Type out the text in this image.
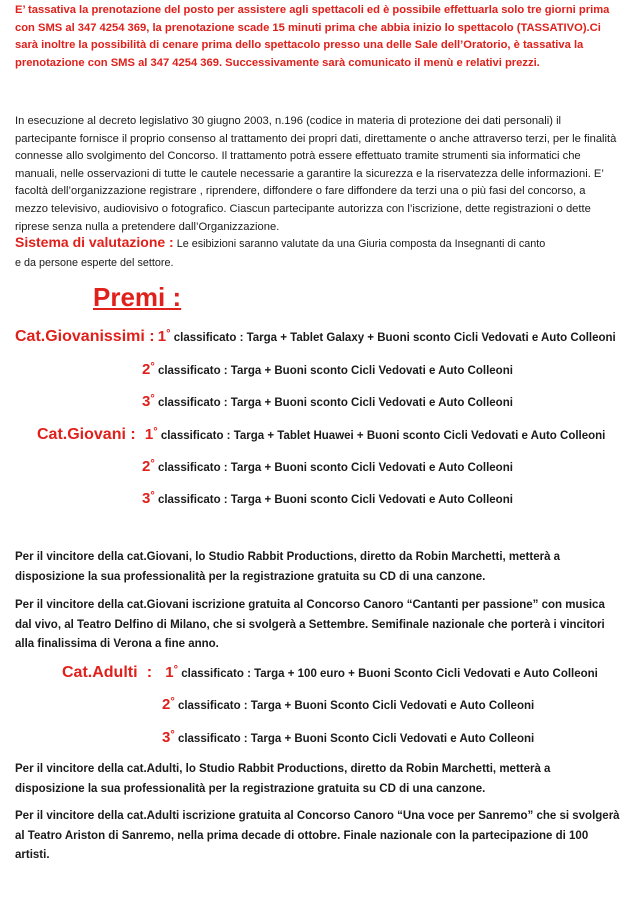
E’ tassativa la prenotazione del posto per assistere agli spettacoli ed è possibile effettuarla solo tre giorni prima con SMS al 347 4254 369, la prenotazione scade 15 minuti prima che abbia inizio lo spettacolo (TASSATIVO).Ci sarà inoltre la possibilità di cenare prima dello spettacolo presso una delle Sale dell’Oratorio, è tassativa la prenotazione con SMS al 347 4254 369. Successivamente sarà comunicato il menù e relativi prezzi.
In esecuzione al decreto legislativo 30 giugno 2003, n.196 (codice in materia di protezione dei dati personali) il partecipante fornisce il proprio consenso al trattamento dei propri dati, direttamente o anche attraverso terzi, per le finalità connesse allo svolgimento del Concorso. Il trattamento potrà essere effettuato tramite strumenti sia informatici che manuali, nelle osservazioni di tutte le cautele necessarie a garantire la sicurezza e la riservatezza delle informazioni. E’ facoltà dell’organizzazione registrare , riprendere, diffondere o fare diffondere da terzi una o più fasi del concorso, a mezzo televisivo, audiovisivo o fotografico. Ciascun partecipante autorizza con l’iscrizione, dette registrazioni o dette riprese senza nulla a pretendere dall’Organizzazione.
Sistema di valutazione : Le esibizioni saranno valutate da una Giuria composta da Insegnanti di canto
e da persone esperte del settore.
Premi :
Cat.Giovanissimi : 1° classificato : Targa + Tablet Galaxy + Buoni sconto Cicli Vedovati e Auto Colleoni
2° classificato : Targa + Buoni sconto Cicli Vedovati e Auto Colleoni
3° classificato : Targa + Buoni sconto Cicli Vedovati e Auto Colleoni
Cat.Giovani : 1° classificato : Targa + Tablet Huawei + Buoni sconto Cicli Vedovati e Auto Colleoni
2° classificato : Targa + Buoni sconto Cicli Vedovati e Auto Colleoni
3° classificato : Targa + Buoni sconto Cicli Vedovati e Auto Colleoni
Per il vincitore della cat.Giovani, lo Studio Rabbit Productions, diretto da Robin Marchetti, metterà a disposizione la sua professionalità per la registrazione gratuita su CD di una canzone.
Per il vincitore della cat.Giovani iscrizione gratuita al Concorso Canoro “Cantanti per passione” con musica dal vivo, al Teatro Delfino di Milano, che si svolgerà a Settembre. Semifinale nazionale che porterà i vincitori alla finalissima di Verona a fine anno.
Cat.Adulti : 1° classificato : Targa + 100 euro + Buoni Sconto Cicli Vedovati e Auto Colleoni
2° classificato : Targa + Buoni Sconto Cicli Vedovati e Auto Colleoni
3° classificato : Targa + Buoni Sconto Cicli Vedovati e Auto Colleoni
Per il vincitore della cat.Adulti, lo Studio Rabbit Productions, diretto da Robin Marchetti, metterà a disposizione la sua professionalità per la registrazione gratuita su CD di una canzone.
Per il vincitore della cat.Adulti iscrizione gratuita al Concorso Canoro “Una voce per Sanremo” che si svolgerà al Teatro Ariston di Sanremo, nella prima decade di ottobre. Finale nazionale con la partecipazione di 100 artisti.
